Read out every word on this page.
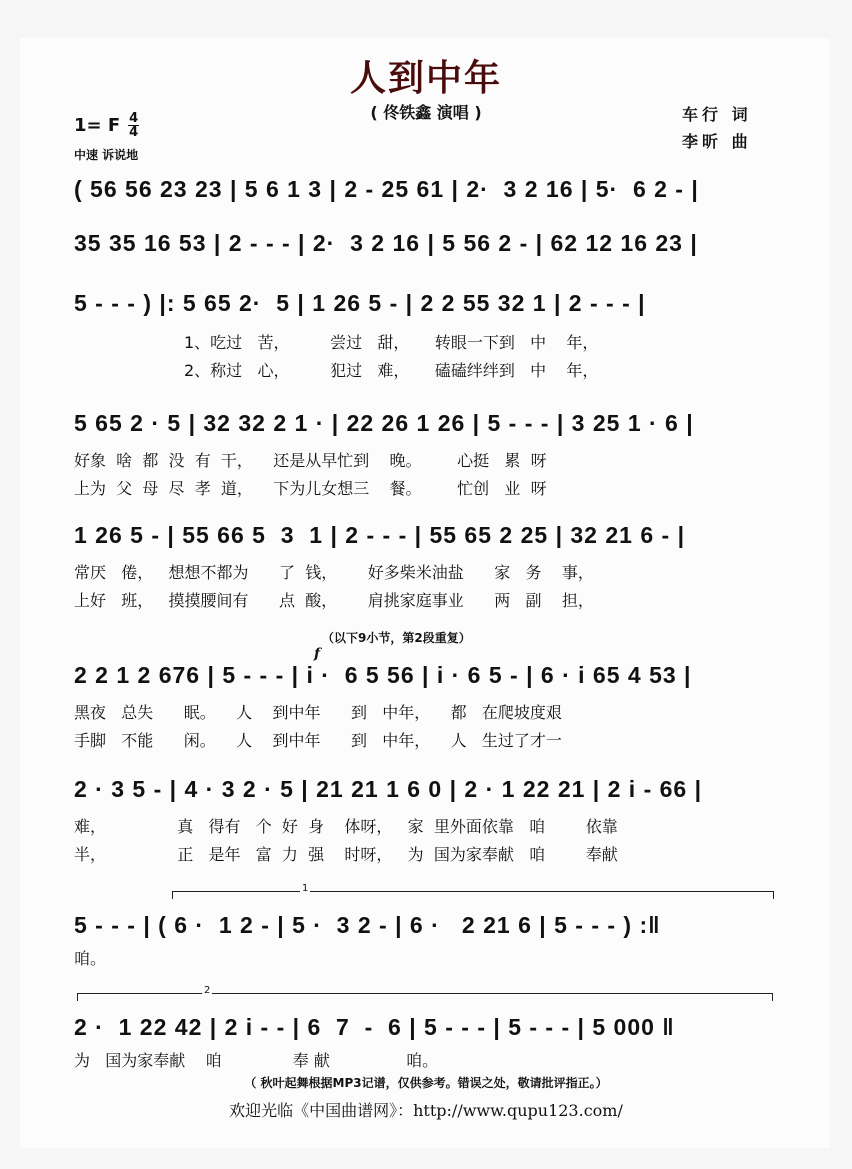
人到中年
( 佟铁鑫 演唱 )	车行 词
李昕 曲
1= F $\frac{4}{4}$
中速 诉说地
( 56 56 23 23 | 5 6 1 3 | 2 - 25 61 | 2·  3 2 16 | 5·  6 2 - |
35 35 16 53 | 2 - - - | 2·  3 2 16 | 5 56 2 - | 62 12 16 23 |
5 - - - ) |: 5 65 2·  5 | 1 26 5 - | 2 2 55 32 1 | 2 - - - |
1、吃过   苦，        尝过   甜，     转眼一下到   中    年，
2、称过   心，        犯过   难，     磕磕绊绊到   中    年，
5 65 2 · 5 | 32 32 2 1 · | 22 26 1 26 | 5 - - - | 3 25 1 · 6 |
好象  啥  都  没  有  干，    还是从早忙到    晚。       心挺   累  呀
上为  父  母  尽  孝  道，    下为儿女想三    餐。       忙创   业  呀
1 26 5 - | 55 66 5  3  1 | 2 - - - | 55 65 2 25 | 32 21 6 - |
常厌   倦，   想想不都为      了  钱，      好多柴米油盐      家   务    事，
上好   班，   摸摸腰间有      点  酸，      肩挑家庭事业      两   副    担，
（以下9小节，第2段重复）
2 2 1 2 676 | 5 - - - | i ·  6 5 56 | i · 6 5 - | 6 · i 65 4 53 |
f
黑夜   总失      眠。    人    到中年      到   中年，    都   在爬坡度艰
手脚   不能      闲。    人    到中年      到   中年，    人   生过了才一
2 · 3 5 - | 4 · 3 2 · 5 | 21 21 1 6 0 | 2 · 1 22 21 | 2 i - 66 |
难，              真   得有   个  好  身    体呀，   家  里外面依靠   咱        依靠
半，              正   是年   富  力  强    时呀，   为  国为家奉献   咱        奉献
1
5 - - - | ( 6 ·  1 2 - | 5 ·  3 2 - | 6 ·   2 21 6 | 5 - - - ) :‖
咱。
2
2 ·  1 22 42 | 2 i - - | 6  7  -  6 | 5 - - - | 5 - - - | 5 000 ‖
为   国为家奉献    咱              奉 献               咱。
（ 秋叶起舞根据MP3记谱，仅供参考。错误之处，敬请批评指正。）
欢迎光临《中国曲谱网》：http://www.qupu123.com/
